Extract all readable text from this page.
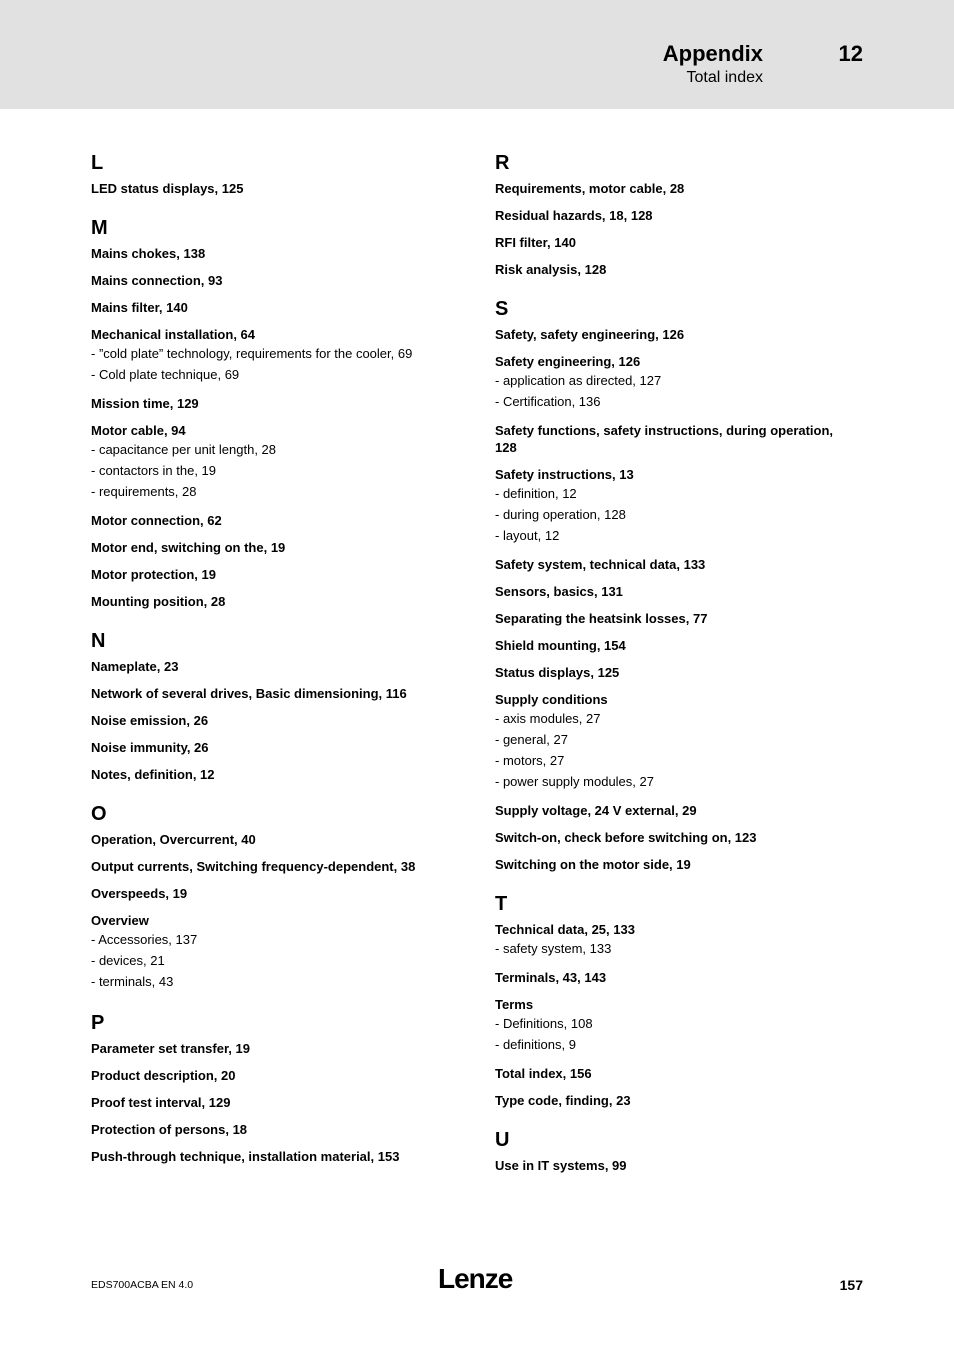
Appendix	12
Total index
L
LED status displays, 125
M
Mains chokes, 138
Mains connection, 93
Mains filter, 140
Mechanical installation, 64
- ”cold plate” technology, requirements for the cooler, 69
- Cold plate technique, 69
Mission time, 129
Motor cable, 94
- capacitance per unit length, 28
- contactors in the, 19
- requirements, 28
Motor connection, 62
Motor end, switching on the, 19
Motor protection, 19
Mounting position, 28
N
Nameplate, 23
Network of several drives, Basic dimensioning, 116
Noise emission, 26
Noise immunity, 26
Notes, definition, 12
O
Operation, Overcurrent, 40
Output currents, Switching frequency-dependent, 38
Overspeeds, 19
Overview
- Accessories, 137
- devices, 21
- terminals, 43
P
Parameter set transfer, 19
Product description, 20
Proof test interval, 129
Protection of persons, 18
Push-through technique, installation material, 153
R
Requirements, motor cable, 28
Residual hazards, 18, 128
RFI filter, 140
Risk analysis, 128
S
Safety, safety engineering, 126
Safety engineering, 126
- application as directed, 127
- Certification, 136
Safety functions, safety instructions, during operation, 128
Safety instructions, 13
- definition, 12
- during operation, 128
- layout, 12
Safety system, technical data, 133
Sensors, basics, 131
Separating the heatsink losses, 77
Shield mounting, 154
Status displays, 125
Supply conditions
- axis modules, 27
- general, 27
- motors, 27
- power supply modules, 27
Supply voltage, 24 V external, 29
Switch-on, check before switching on, 123
Switching on the motor side, 19
T
Technical data, 25, 133
- safety system, 133
Terminals, 43, 143
Terms
- Definitions, 108
- definitions, 9
Total index, 156
Type code, finding, 23
U
Use in IT systems, 99
EDS700ACBA EN 4.0	Lenze	157
